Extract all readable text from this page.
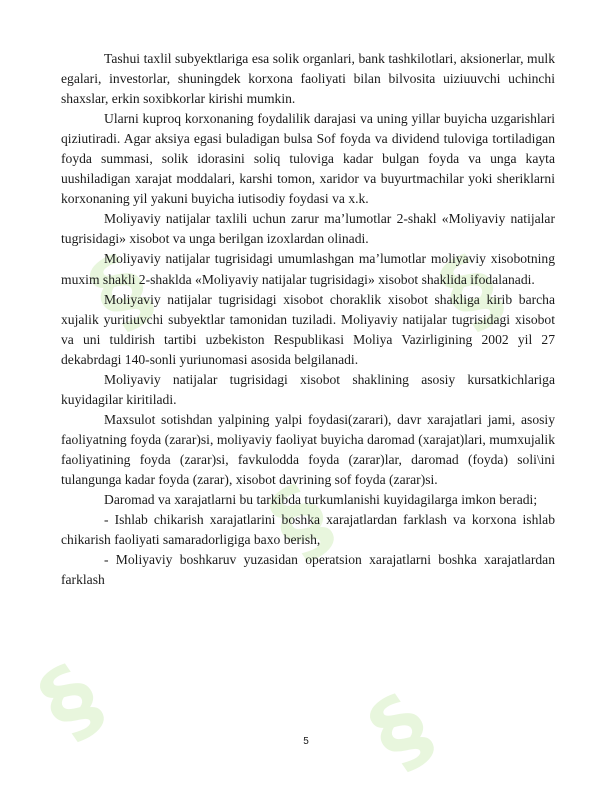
§	§
§
§	§

Tashui taxlil subyektlariga esa solik organlari, bank tashkilotlari, aksionerlar, mulk egalari, investorlar, shuningdek korxona faoliyati bilan bilvosita uiziuuvchi uchinchi shaxslar, erkin soxibkorlar kirishi mumkin.

Ularni kuproq korxonaning foydalilik darajasi va uning yillar buyicha uzgarishlari qiziutiradi. Agar aksiya egasi buladigan bulsa Sof foyda va dividend tuloviga tortiladigan foyda summasi, solik idorasini soliq tuloviga kadar bulgan foyda va unga kayta uushiladigan xarajat moddalari, karshi tomon, xaridor va buyurtmachilar yoki sheriklarni korxonaning yil yakuni buyicha iutisodiy foydasi va x.k.

Moliyaviy natijalar taxlili uchun zarur ma’lumotlar 2-shakl «Moliyaviy natijalar tugrisidagi» xisobot va unga berilgan izoxlardan olinadi.

Moliyaviy natijalar tugrisidagi umumlashgan ma’lumotlar moliyaviy xisobotning muxim shakli 2-shaklda «Moliyaviy natijalar tugrisidagi» xisobot shaklida ifodalanadi.

Moliyaviy natijalar tugrisidagi xisobot choraklik xisobot shakliga kirib barcha xujalik yuritiuvchi subyektlar tamonidan tuziladi. Moliyaviy natijalar tugrisidagi xisobot va uni tuldirish tartibi uzbekiston Respublikasi Moliya Vazirligining 2002 yil 27 dekabrdagi 140-sonli yuriunomasi asosida belgilanadi.

Moliyaviy natijalar tugrisidagi xisobot shaklining asosiy kursatkichlariga kuyidagilar kiritiladi.

Maxsulot sotishdan yalpining yalpi foydasi(zarari), davr xarajatlari jami, asosiy faoliyatning foyda (zarar)si, moliyaviy faoliyat buyicha daromad (xarajat)lari, mumxujalik faoliyatining foyda (zarar)si, favkulodda foyda (zarar)lar, daromad (foyda) soli\ini tulangunga kadar foyda (zarar), xisobot davrining sof foyda (zarar)si.

Daromad va xarajatlarni bu tarkibda turkumlanishi kuyidagilarga imkon beradi;

- Ishlab chikarish xarajatlarini boshka xarajatlardan farklash va korxona ishlab chikarish faoliyati samaradorligiga baxo berish,

- Moliyaviy boshkaruv yuzasidan operatsion xarajatlarni boshka xarajatlardan farklash

5
